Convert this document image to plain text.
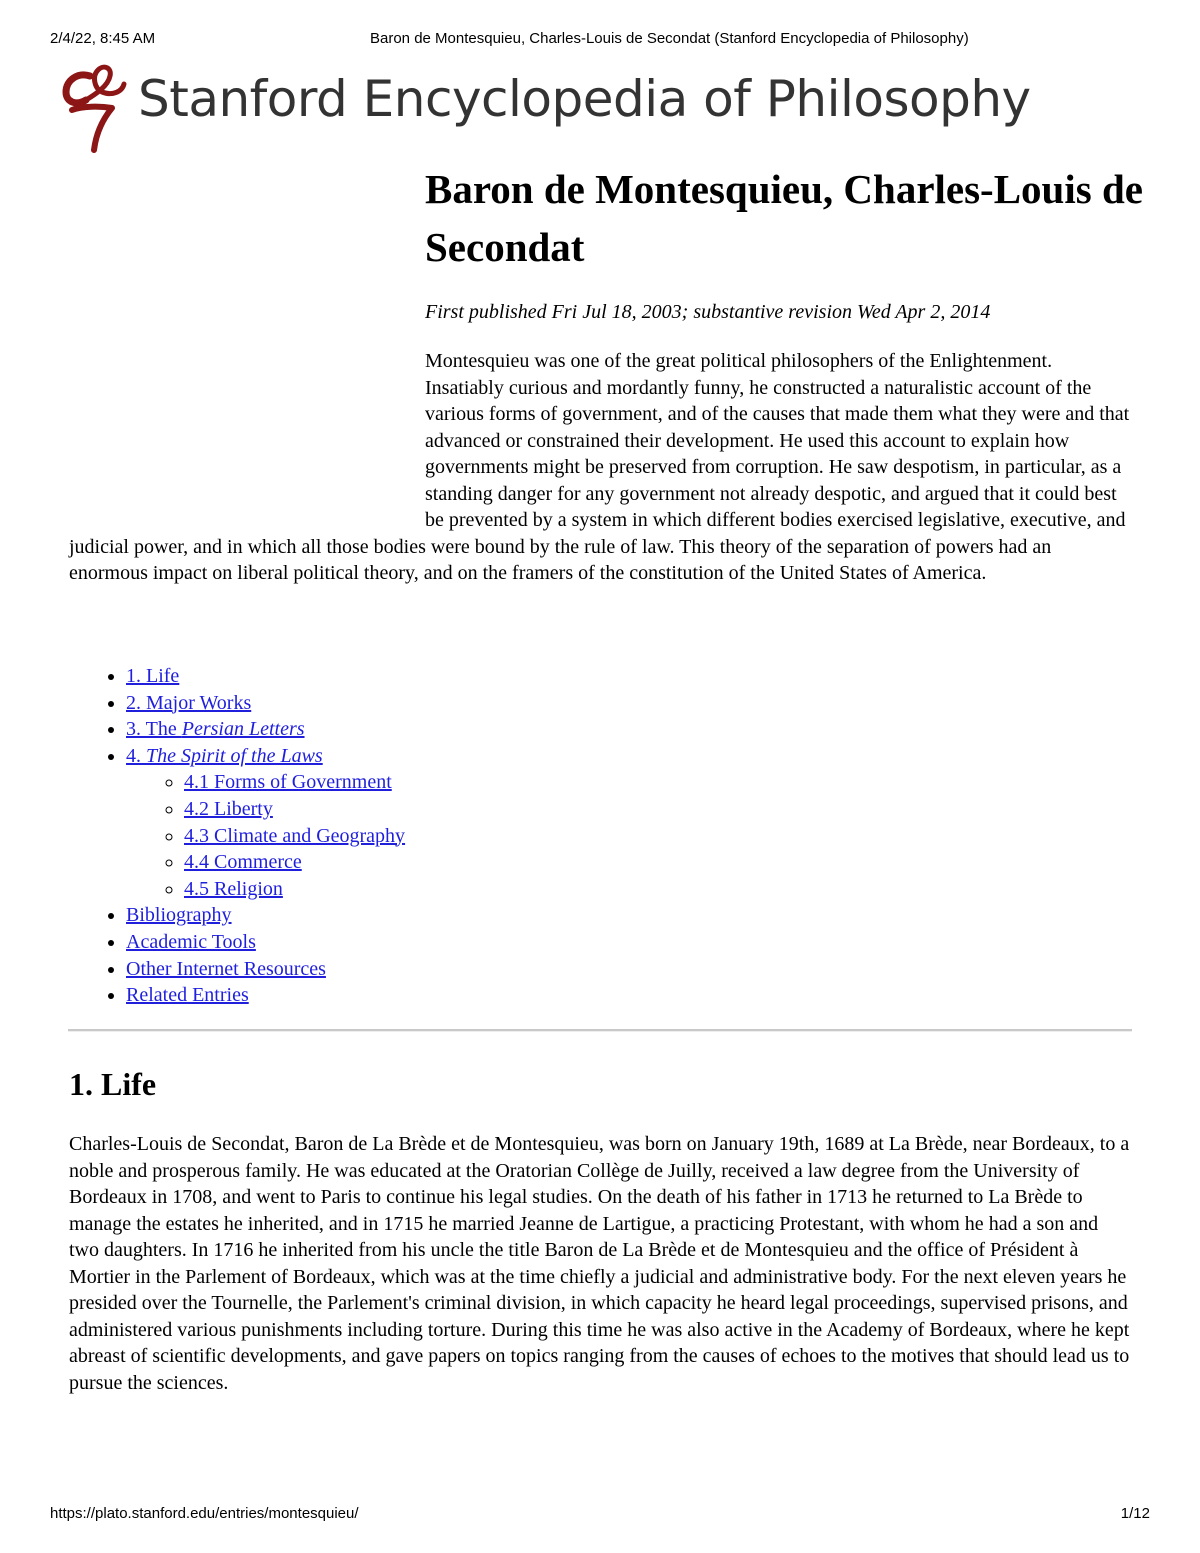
2/4/22, 8:45 AM	Baron de Montesquieu, Charles-Louis de Secondat (Stanford Encyclopedia of Philosophy)
Stanford Encyclopedia of Philosophy
Baron de Montesquieu, Charles-Louis de Secondat
First published Fri Jul 18, 2003; substantive revision Wed Apr 2, 2014

Montesquieu was one of the great political philosophers of the Enlightenment. Insatiably curious and mordantly funny, he constructed a naturalistic account of the various forms of government, and of the causes that made them what they were and that advanced or constrained their development. He used this account to explain how governments might be preserved from corruption. He saw despotism, in particular, as a standing danger for any government not already despotic, and argued that it could best be prevented by a system in which different bodies exercised legislative, executive, and judicial power, and in which all those bodies were bound by the rule of law. This theory of the separation of powers had an enormous impact on liberal political theory, and on the framers of the constitution of the United States of America.

• 1. Life
• 2. Major Works
• 3. The Persian Letters
• 4. The Spirit of the Laws
◦ 4.1 Forms of Government
◦ 4.2 Liberty
◦ 4.3 Climate and Geography
◦ 4.4 Commerce
◦ 4.5 Religion
• Bibliography
• Academic Tools
• Other Internet Resources
• Related Entries
1. Life

Charles-Louis de Secondat, Baron de La Brède et de Montesquieu, was born on January 19th, 1689 at La Brède, near Bordeaux, to a noble and prosperous family. He was educated at the Oratorian Collège de Juilly, received a law degree from the University of Bordeaux in 1708, and went to Paris to continue his legal studies. On the death of his father in 1713 he returned to La Brède to manage the estates he inherited, and in 1715 he married Jeanne de Lartigue, a practicing Protestant, with whom he had a son and two daughters. In 1716 he inherited from his uncle the title Baron de La Brède et de Montesquieu and the office of Président à Mortier in the Parlement of Bordeaux, which was at the time chiefly a judicial and administrative body. For the next eleven years he presided over the Tournelle, the Parlement's criminal division, in which capacity he heard legal proceedings, supervised prisons, and administered various punishments including torture. During this time he was also active in the Academy of Bordeaux, where he kept abreast of scientific developments, and gave papers on topics ranging from the causes of echoes to the motives that should lead us to pursue the sciences.

https://plato.stanford.edu/entries/montesquieu/	1/12
